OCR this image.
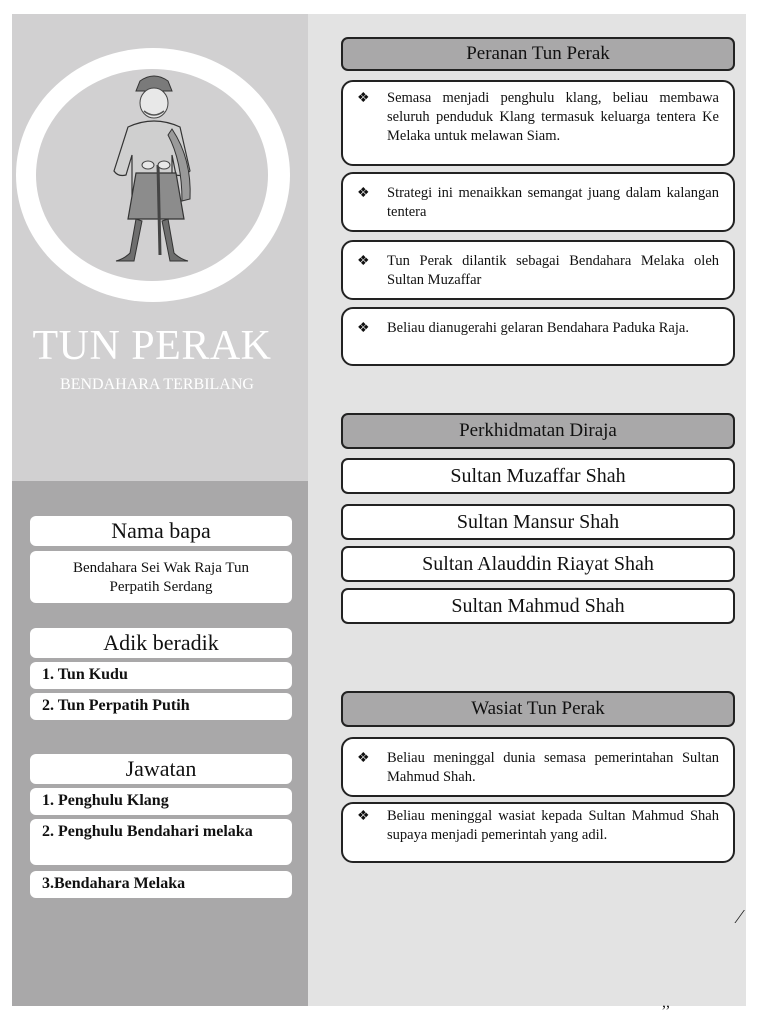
⁄
,,
TUN PERAK
BENDAHARA TERBILANG
Nama bapa
Bendahara Sei Wak Raja Tun Perpatih Serdang
Adik beradik
1. Tun Kudu
2. Tun Perpatih Putih
Jawatan
1. Penghulu Klang
2. Penghulu Bendahari melaka
3.Bendahara Melaka
Peranan Tun Perak
❖ Semasa menjadi penghulu klang, beliau membawa seluruh penduduk Klang termasuk keluarga tentera Ke Melaka untuk melawan Siam.
❖ Strategi ini menaikkan semangat juang dalam kalangan tentera
❖ Tun Perak dilantik sebagai Bendahara Melaka oleh Sultan Muzaffar
❖ Beliau dianugerahi gelaran Bendahara Paduka Raja.
Perkhidmatan Diraja
Sultan Muzaffar Shah
Sultan Mansur Shah
Sultan Alauddin Riayat Shah
Sultan Mahmud Shah
Wasiat Tun Perak
❖ Beliau meninggal dunia semasa pemerintahan Sultan Mahmud Shah.
❖ Beliau meninggal wasiat kepada Sultan Mahmud Shah supaya menjadi pemerintah yang adil.
